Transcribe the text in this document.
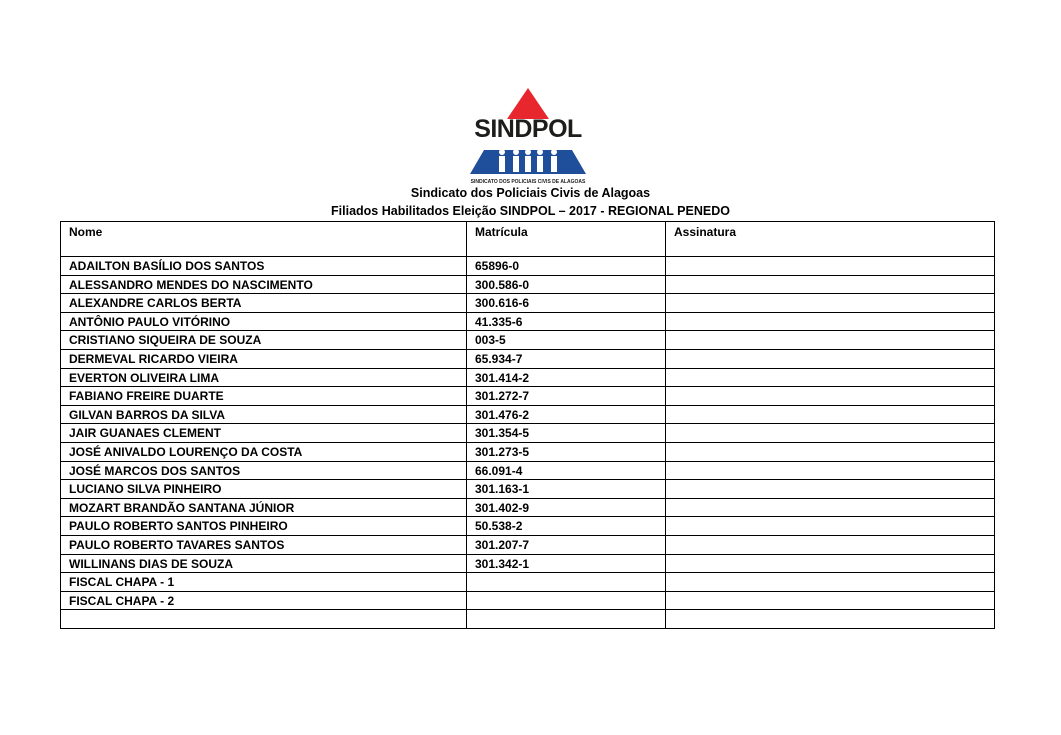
SINDPOL
SINDICATO DOS POLICIAIS CIVIS DE ALAGOAS
Sindicato dos Policiais Civis de Alagoas
Filiados Habilitados Eleição SINDPOL – 2017 - REGIONAL PENEDO
Nome	Matrícula	Assinatura
ADAILTON BASÍLIO DOS SANTOS	65896-0	
ALESSANDRO MENDES DO NASCIMENTO	300.586-0	
ALEXANDRE CARLOS BERTA	300.616-6	
ANTÔNIO PAULO VITÓRINO	41.335-6	
CRISTIANO SIQUEIRA DE SOUZA	003-5	
DERMEVAL RICARDO VIEIRA	65.934-7	
EVERTON OLIVEIRA LIMA	301.414-2	
FABIANO FREIRE DUARTE	301.272-7	
GILVAN BARROS DA SILVA	301.476-2	
JAIR GUANAES CLEMENT	301.354-5	
JOSÉ ANIVALDO LOURENÇO DA COSTA	301.273-5	
JOSÉ MARCOS DOS SANTOS	66.091-4	
LUCIANO SILVA PINHEIRO	301.163-1	
MOZART BRANDÃO SANTANA JÚNIOR	301.402-9	
PAULO ROBERTO SANTOS PINHEIRO	50.538-2	
PAULO ROBERTO TAVARES SANTOS	301.207-7	
WILLINANS DIAS DE SOUZA	301.342-1	
FISCAL CHAPA - 1		
FISCAL CHAPA - 2		
